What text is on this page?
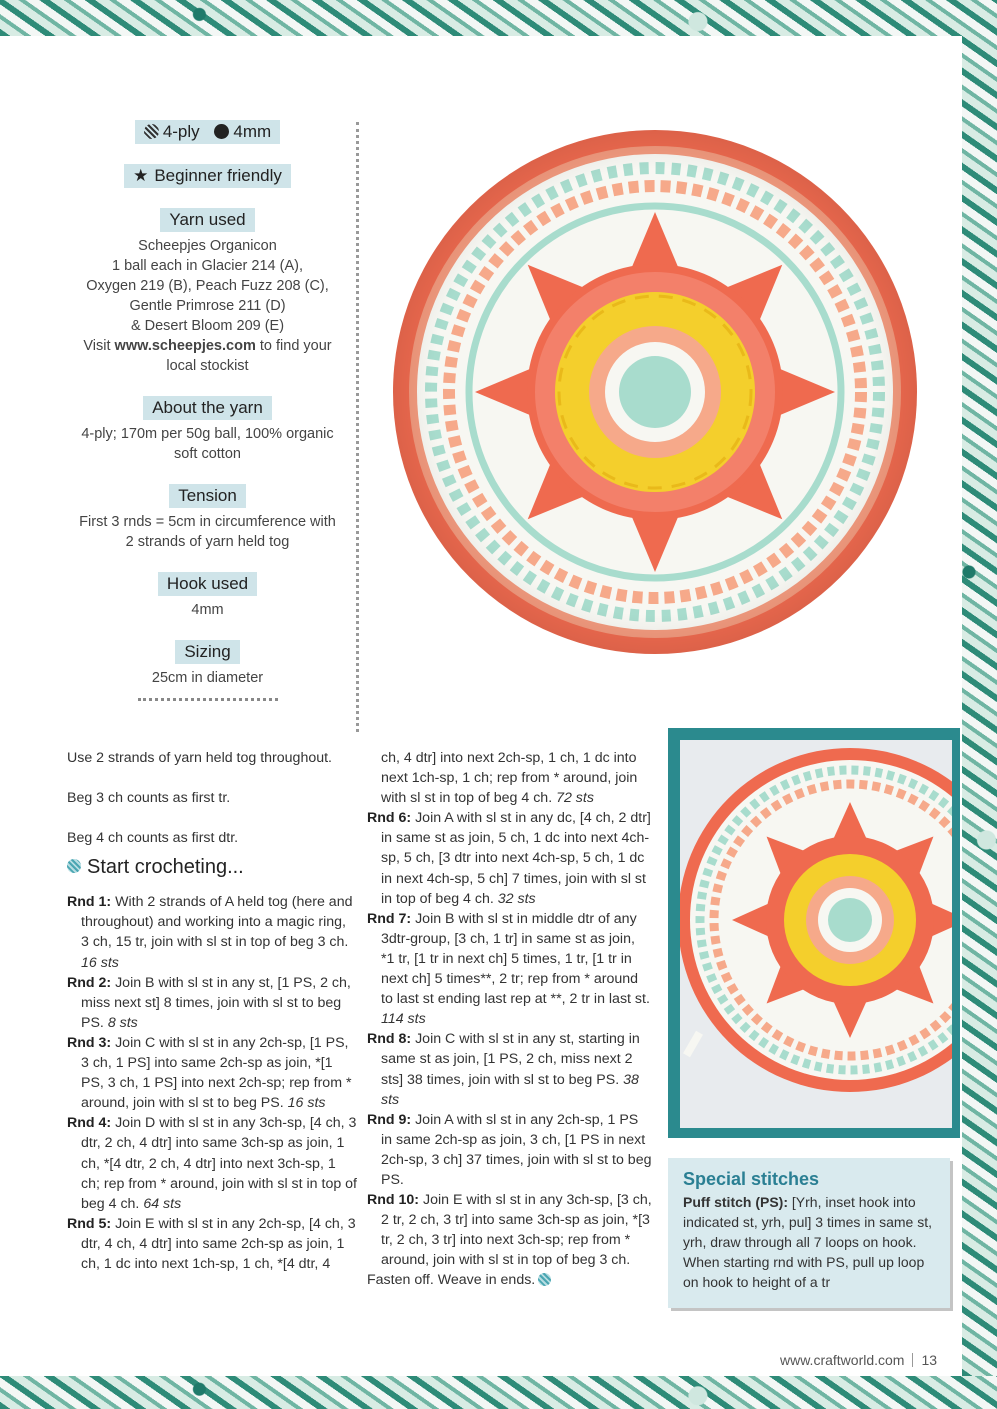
4-ply 4mm
★ Beginner friendly
Yarn used
Scheepjes Organicon
1 ball each in Glacier 214 (A),
Oxygen 219 (B), Peach Fuzz 208 (C),
Gentle Primrose 211 (D)
& Desert Bloom 209 (E)
Visit www.scheepjes.com to find your
local stockist
About the yarn
4-ply; 170m per 50g ball, 100% organic
soft cotton
Tension
First 3 rnds = 5cm in circumference with
2 strands of yarn held tog
Hook used
4mm
Sizing
25cm in diameter

Use 2 strands of yarn held tog throughout.

Beg 3 ch counts as first tr.

Beg 4 ch counts as first dtr.

Start crocheting...

Rnd 1: With 2 strands of A held tog (here and throughout) and working into a magic ring, 3 ch, 15 tr, join with sl st in top of beg 3 ch. 16 sts

Rnd 2: Join B with sl st in any st, [1 PS, 2 ch, miss next st] 8 times, join with sl st to beg PS. 8 sts

Rnd 3: Join C with sl st in any 2ch-sp, [1 PS, 3 ch, 1 PS] into same 2ch-sp as join, *[1 PS, 3 ch, 1 PS] into next 2ch-sp; rep from * around, join with sl st to beg PS. 16 sts

Rnd 4: Join D with sl st in any 3ch-sp, [4 ch, 3 dtr, 2 ch, 4 dtr] into same 3ch-sp as join, 1 ch, *[4 dtr, 2 ch, 4 dtr] into next 3ch-sp, 1 ch; rep from * around, join with sl st in top of beg 4 ch. 64 sts

Rnd 5: Join E with sl st in any 2ch-sp, [4 ch, 3 dtr, 4 ch, 4 dtr] into same 2ch-sp as join, 1 ch, 1 dc into next 1ch-sp, 1 ch, *[4 dtr, 4

ch, 4 dtr] into next 2ch-sp, 1 ch, 1 dc into next 1ch-sp, 1 ch; rep from * around, join with sl st in top of beg 4 ch. 72 sts

Rnd 6: Join A with sl st in any dc, [4 ch, 2 dtr] in same st as join, 5 ch, 1 dc into next 4ch-sp, 5 ch, [3 dtr into next 4ch-sp, 5 ch, 1 dc in next 4ch-sp, 5 ch] 7 times, join with sl st in top of beg 4 ch. 32 sts

Rnd 7: Join B with sl st in middle dtr of any 3dtr-group, [3 ch, 1 tr] in same st as join, *1 tr, [1 tr in next ch] 5 times, 1 tr, [1 tr in next ch] 5 times**, 2 tr; rep from * around to last st ending last rep at **, 2 tr in last st. 114 sts

Rnd 8: Join C with sl st in any st, starting in same st as join, [1 PS, 2 ch, miss next 2 sts] 38 times, join with sl st to beg PS. 38 sts

Rnd 9: Join A with sl st in any 2ch-sp, 1 PS in same 2ch-sp as join, 3 ch, [1 PS in next 2ch-sp, 3 ch] 37 times, join with sl st to beg PS.

Rnd 10: Join E with sl st in any 3ch-sp, [3 ch, 2 tr, 2 ch, 3 tr] into same 3ch-sp as join, *[3 tr, 2 ch, 3 tr] into next 3ch-sp; rep from * around, join with sl st in top of beg 3 ch.

Fasten off. Weave in ends.

Special stitches

Puff stitch (PS): [Yrh, inset hook into indicated st, yrh, pul] 3 times in same st, yrh, draw through all 7 loops on hook. When starting rnd with PS, pull up loop on hook to height of a tr

www.craftworld.com 13
